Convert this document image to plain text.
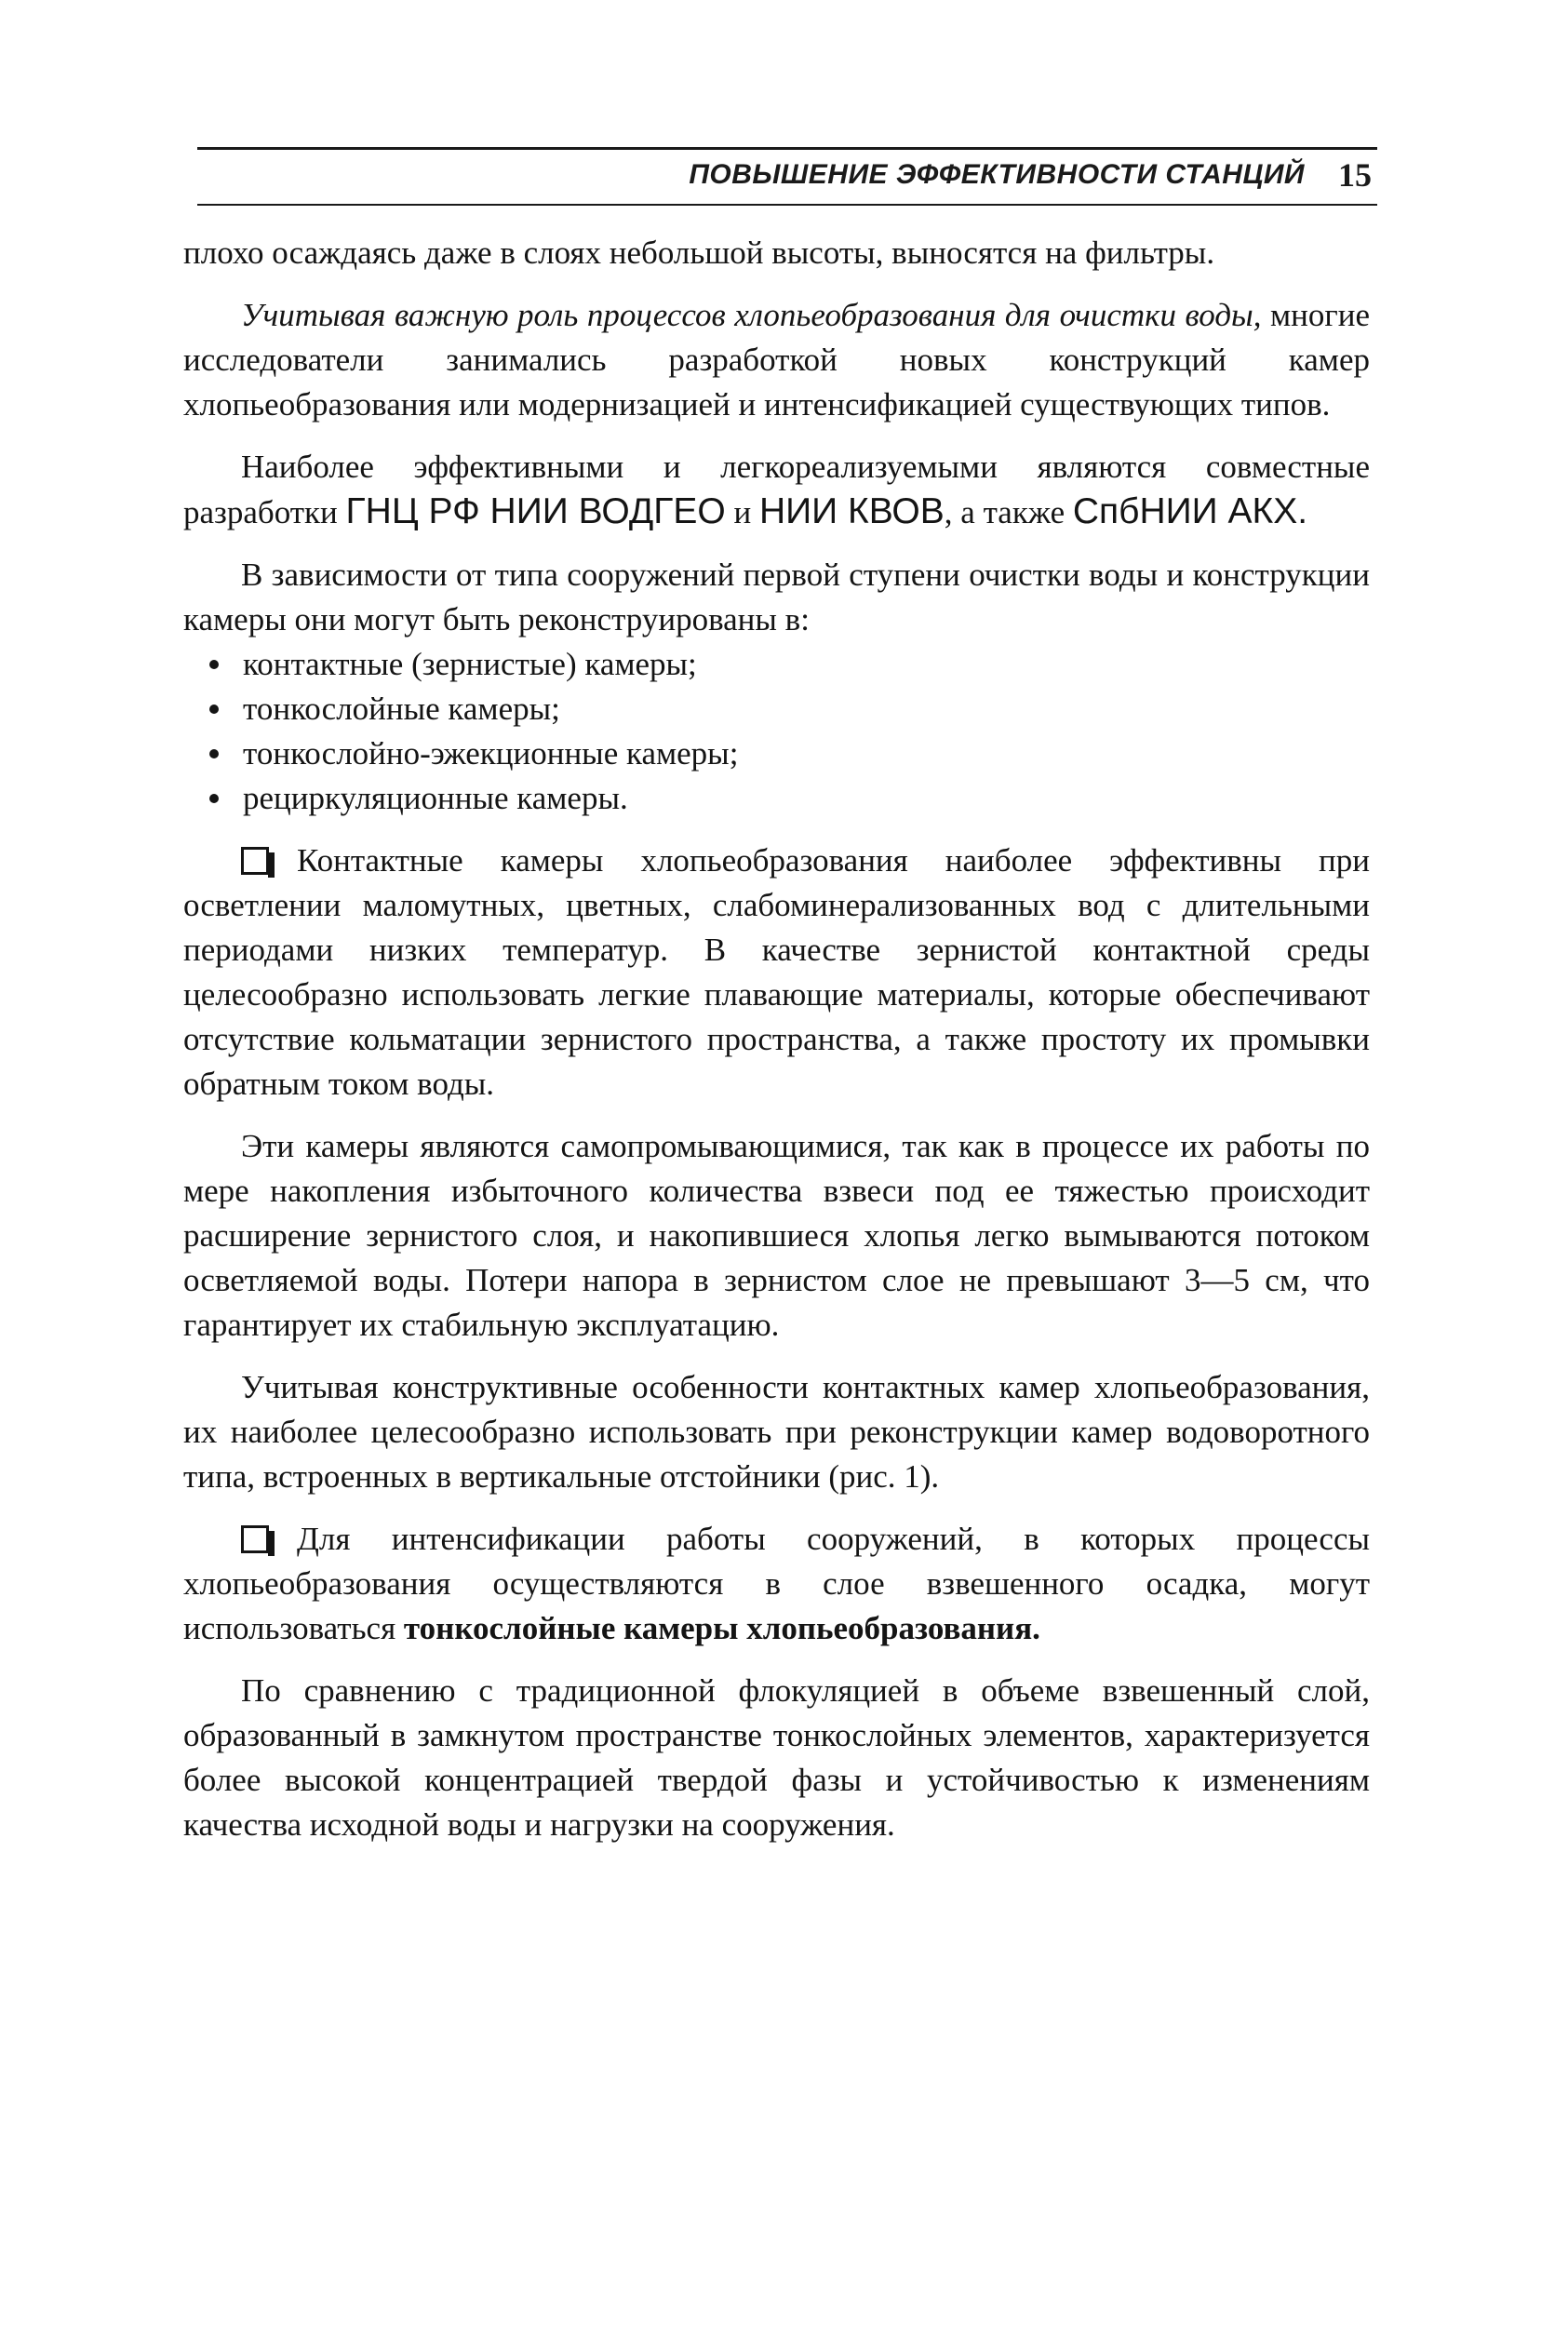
ПОВЫШЕНИЕ ЭФФЕКТИВНОСТИ СТАНЦИЙ 15

плохо осаждаясь даже в слоях небольшой высоты, выносятся на фильтры.

Учитывая важную роль процессов хлопьеобразования для очистки воды, многие исследователи занимались разработкой новых конструкций камер хлопьеобразования или модернизацией и интенсификацией существующих типов.

Наиболее эффективными и легкореализуемыми являются совместные разработки ГНЦ РФ НИИ ВОДГЕО и НИИ КВОВ, а также СпбНИИ АКХ.

В зависимости от типа сооружений первой ступени очистки воды и конструкции камеры они могут быть реконструированы в:

контактные (зернистые) камеры;
тонкослойные камеры;
тонкослойно-эжекционные камеры;
рециркуляционные камеры.

Контактные камеры хлопьеобразования наиболее эффективны при осветлении маломутных, цветных, слабоминерализованных вод с длительными периодами низких температур. В качестве зернистой контактной среды целесообразно использовать легкие плавающие материалы, которые обеспечивают отсутствие кольматации зернистого пространства, а также простоту их промывки обратным током воды.

Эти камеры являются самопромывающимися, так как в процессе их работы по мере накопления избыточного количества взвеси под ее тяжестью происходит расширение зернистого слоя, и накопившиеся хлопья легко вымываются потоком осветляемой воды. Потери напора в зернистом слое не превышают 3—5 см, что гарантирует их стабильную эксплуатацию.

Учитывая конструктивные особенности контактных камер хлопьеобразования, их наиболее целесообразно использовать при реконструкции камер водоворотного типа, встроенных в вертикальные отстойники (рис. 1).

Для интенсификации работы сооружений, в которых процессы хлопьеобразования осуществляются в слое взвешенного осадка, могут использоваться тонкослойные камеры хлопьеобразования.

По сравнению с традиционной флокуляцией в объеме взвешенный слой, образованный в замкнутом пространстве тонкослойных элементов, характеризуется более высокой концентрацией твердой фазы и устойчивостью к изменениям качества исходной воды и нагрузки на сооружения.
